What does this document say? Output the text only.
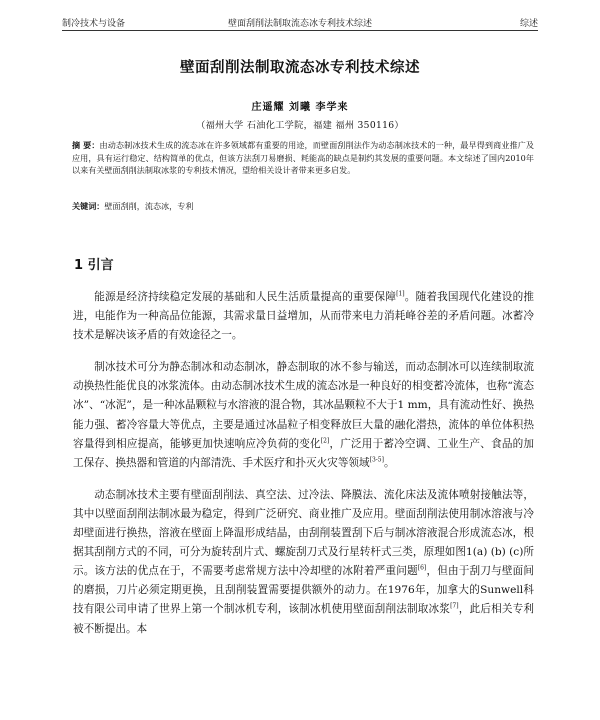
壁面刮削法制取流态冰专利技术综述
制冷技术与设备	综述
壁面刮削法制取流态冰专利技术综述
庄遥耀 刘曦 李学来
（福州大学 石油化工学院，福建 福州 350116）
摘 要：由动态制冰技术生成的流态冰在许多领域都有重要的用途，而壁面刮削法作为动态制冰技术的一种，最早得到商业推广及应用，具有运行稳定、结构简单的优点，但该方法刮刀易磨损、耗能高的缺点是制约其发展的重要问题。本文综述了国内2010年以来有关壁面刮削法制取冰浆的专利技术情况，望给相关设计者带来更多启发。
关键词：壁面刮削，流态冰，专利
1 引言

能源是经济持续稳定发展的基础和人民生活质量提高的重要保障[1]。随着我国现代化建设的推进，电能作为一种高品位能源，其需求量日益增加，从而带来电力消耗峰谷差的矛盾问题。冰蓄冷技术是解决该矛盾的有效途径之一。

制冰技术可分为静态制冰和动态制冰，静态制取的冰不参与输送，而动态制冰可以连续制取流动换热性能优良的冰浆流体。由动态制冰技术生成的流态冰是一种良好的相变蓄冷流体，也称“流态冰”、“冰泥”，是一种冰晶颗粒与水溶液的混合物，其冰晶颗粒不大于1 mm，具有流动性好、换热能力强、蓄冷容量大等优点，主要是通过冰晶粒子相变释放巨大量的融化潜热，流体的单位体积热容量得到相应提高，能够更加快速响应冷负荷的变化[2]，广泛用于蓄冷空调、工业生产、食品的加工保存、换热器和管道的内部清洗、手术医疗和扑灭火灾等领域[3-5]。

动态制冰技术主要有壁面刮削法、真空法、过冷法、降膜法、流化床法及流体喷射接触法等，其中以壁面刮削法制冰最为稳定，得到广泛研究、商业推广及应用。壁面刮削法使用制冰溶液与冷却壁面进行换热，溶液在壁面上降温形成结晶，由刮削装置刮下后与制冰溶液混合形成流态冰，根据其刮削方式的不同，可分为旋转刮片式、螺旋刮刀式及行星转杆式三类，原理如图1(a) (b) (c)所示。该方法的优点在于，不需要考虑常规方法中冷却壁的冰附着严重问题[6]，但由于刮刀与壁面间的磨损，刀片必须定期更换，且刮削装置需要提供额外的动力。在1976年，加拿大的Sunwell科技有限公司申请了世界上第一个制冰机专利，该制冰机使用壁面刮削法制取冰浆[7]，此后相关专利被不断提出。本
